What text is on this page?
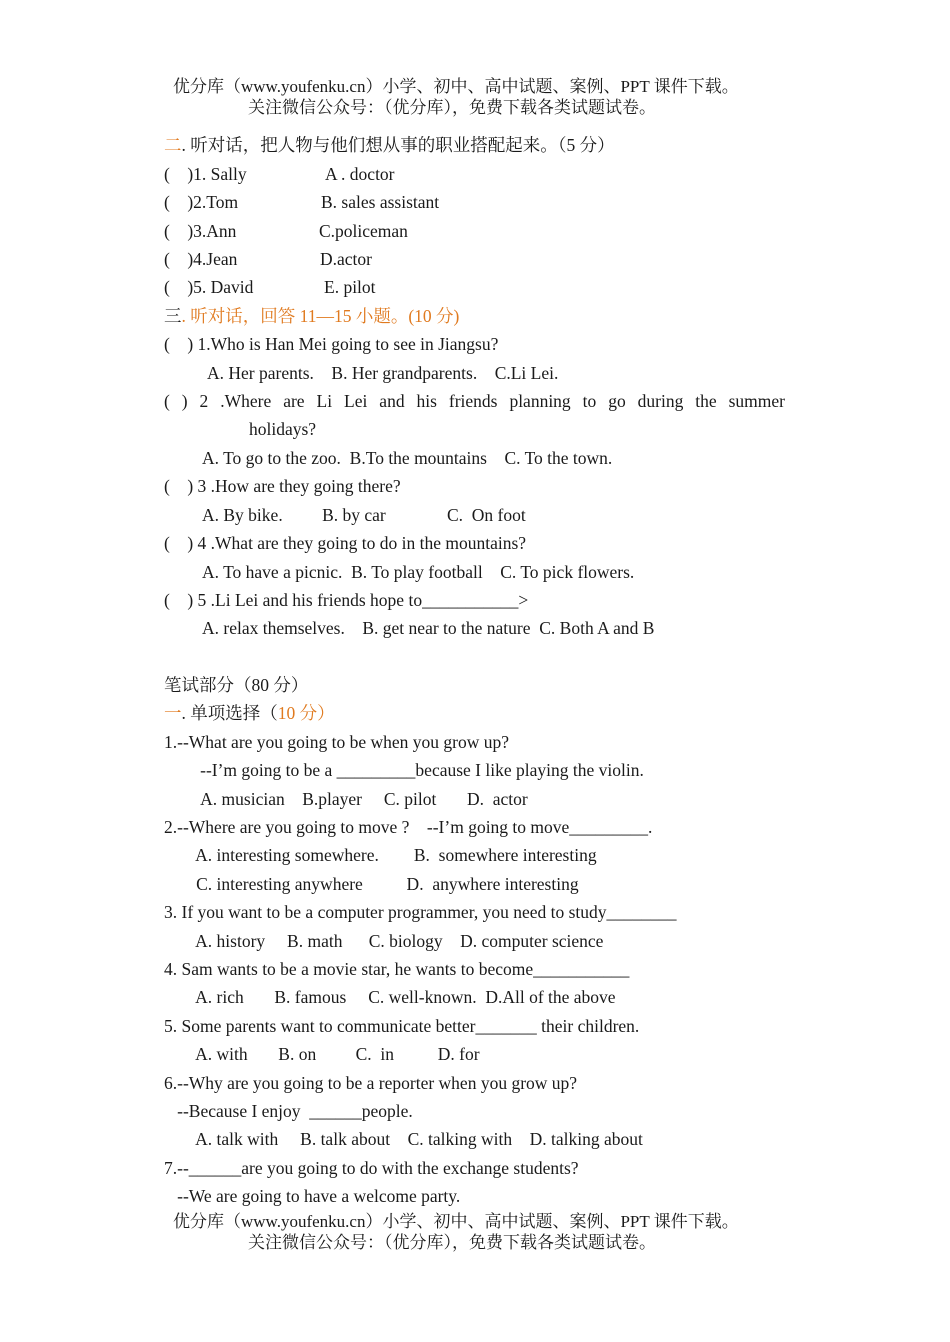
优分库（www.youfenku.cn）小学、初中、高中试题、案例、PPT 课件下载。
关注微信公众号：（优分库），免费下载各类试题试卷。
二. 听对话，把人物与他们想从事的职业搭配起来。（5 分）
(    )1. Sally	A . doctor
(    )2.Tom	B. sales assistant
(    )3.Ann	C.policeman
(    )4.Jean	D.actor
(    )5. David	E. pilot
三. 听对话，回答 11—15 小题。(10 分)
(    ) 1.Who is Han Mei going to see in Jiangsu?
A. Her parents.    B. Her grandparents.    C.Li Lei.
( ) 2 .Where are Li Lei and his friends planning to go during the summer
holidays?
A. To go to the zoo.  B.To the mountains    C. To the town.
(    ) 3 .How are they going there?
A. By bike.         B. by car              C.  On foot
(    ) 4 .What are they going to do in the mountains?
A. To have a picnic.  B. To play football    C. To pick flowers.
(    ) 5 .Li Lei and his friends hope to___________>
A. relax themselves.    B. get near to the nature  C. Both A and B
笔试部分（80 分）
一. 单项选择（10 分）
1.--What are you going to be when you grow up?
--I’m going to be a _________because I like playing the violin.
A. musician    B.player     C. pilot       D.  actor
2.--Where are you going to move ?    --I’m going to move_________.
A. interesting somewhere.        B.  somewhere interesting
C. interesting anywhere          D.  anywhere interesting
3. If you want to be a computer programmer, you need to study________
A. history     B. math      C. biology    D. computer science
4. Sam wants to be a movie star, he wants to become___________
A. rich       B. famous     C. well-known.  D.All of the above
5. Some parents want to communicate better_______ their children.
A. with       B. on         C.  in          D. for
6.--Why are you going to be a reporter when you grow up?
--Because I enjoy  ______people.
A. talk with     B. talk about    C. talking with    D. talking about
7.--______are you going to do with the exchange students?
--We are going to have a welcome party.
优分库（www.youfenku.cn）小学、初中、高中试题、案例、PPT 课件下载。
关注微信公众号：（优分库），免费下载各类试题试卷。
